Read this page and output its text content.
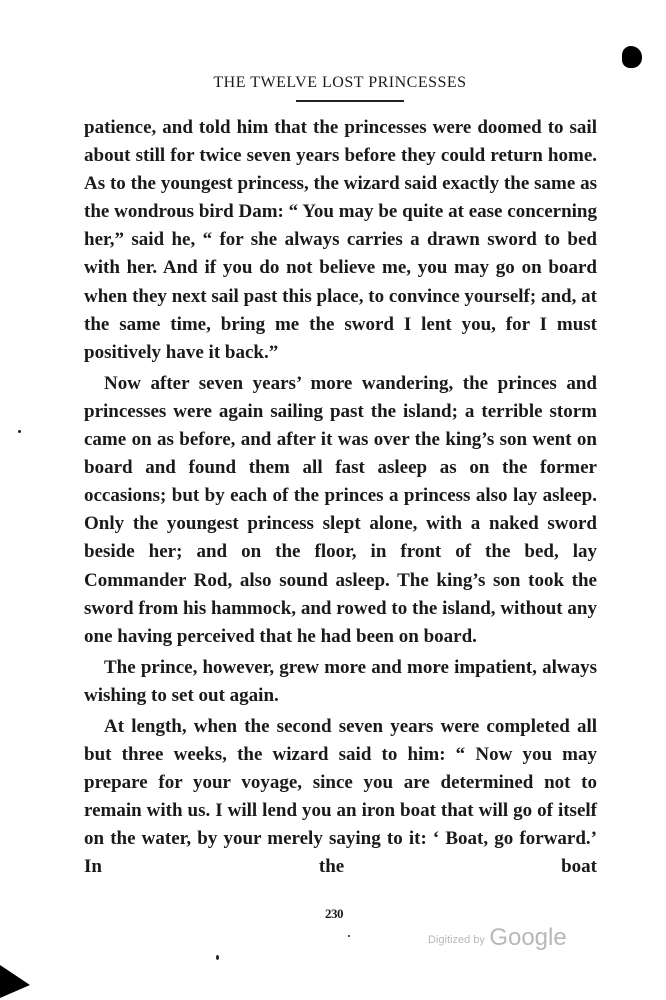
THE TWELVE LOST PRINCESSES

patience, and told him that the princesses were doomed to sail about still for twice seven years before they could return home. As to the youngest princess, the wizard said exactly the same as the wondrous bird Dam: “ You may be quite at ease concerning her,” said he, “ for she always carries a drawn sword to bed with her. And if you do not believe me, you may go on board when they next sail past this place, to convince yourself; and, at the same time, bring me the sword I lent you, for I must positively have it back.”

Now after seven years’ more wandering, the princes and princesses were again sailing past the island; a terrible storm came on as before, and after it was over the king’s son went on board and found them all fast asleep as on the former occasions; but by each of the princes a princess also lay asleep. Only the youngest princess slept alone, with a naked sword beside her; and on the floor, in front of the bed, lay Commander Rod, also sound asleep. The king’s son took the sword from his hammock, and rowed to the island, without any one having perceived that he had been on board.

The prince, however, grew more and more impatient, always wishing to set out again.

At length, when the second seven years were completed all but three weeks, the wizard said to him: “ Now you may prepare for your voyage, since you are determined not to remain with us. I will lend you an iron boat that will go of itself on the water, by your merely saying to it: ‘ Boat, go forward.’ In the boat

230
Digitized by Google
